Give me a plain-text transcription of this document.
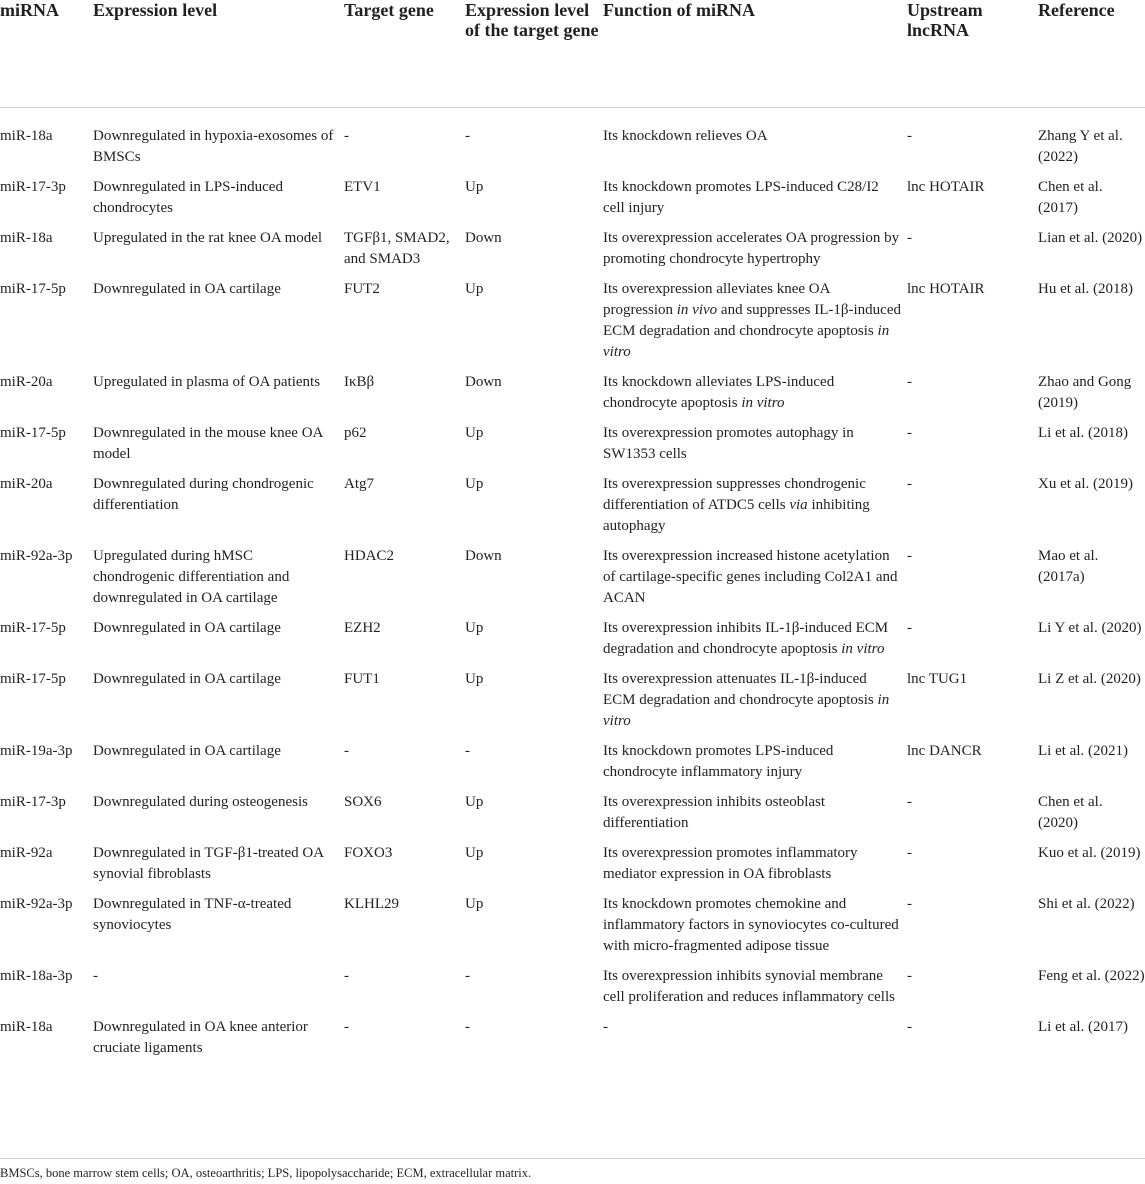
miRNA	Expression level	Target gene	Expression level of the target gene	Function of miRNA	Upstream lncRNA	Reference
miR-18a	Downregulated in hypoxia-exosomes of BMSCs	-	-	Its knockdown relieves OA	-	Zhang Y et al. (2022)
miR-17-3p	Downregulated in LPS-induced chondrocytes	ETV1	Up	Its knockdown promotes LPS-induced C28/I2 cell injury	lnc HOTAIR	Chen et al. (2017)
miR-18a	Upregulated in the rat knee OA model	TGFβ1, SMAD2, and SMAD3	Down	Its overexpression accelerates OA progression by promoting chondrocyte hypertrophy	-	Lian et al. (2020)
miR-17-5p	Downregulated in OA cartilage	FUT2	Up	Its overexpression alleviates knee OA progression in vivo and suppresses IL-1β-induced ECM degradation and chondrocyte apoptosis in vitro	lnc HOTAIR	Hu et al. (2018)
miR-20a	Upregulated in plasma of OA patients	IκBβ	Down	Its knockdown alleviates LPS-induced chondrocyte apoptosis in vitro	-	Zhao and Gong (2019)
miR-17-5p	Downregulated in the mouse knee OA model	p62	Up	Its overexpression promotes autophagy in SW1353 cells	-	Li et al. (2018)
miR-20a	Downregulated during chondrogenic differentiation	Atg7	Up	Its overexpression suppresses chondrogenic differentiation of ATDC5 cells via inhibiting autophagy	-	Xu et al. (2019)
miR-92a-3p	Upregulated during hMSC chondrogenic differentiation and downregulated in OA cartilage	HDAC2	Down	Its overexpression increased histone acetylation of cartilage-specific genes including Col2A1 and ACAN	-	Mao et al. (2017a)
miR-17-5p	Downregulated in OA cartilage	EZH2	Up	Its overexpression inhibits IL-1β-induced ECM degradation and chondrocyte apoptosis in vitro	-	Li Y et al. (2020)
miR-17-5p	Downregulated in OA cartilage	FUT1	Up	Its overexpression attenuates IL-1β-induced ECM degradation and chondrocyte apoptosis in vitro	lnc TUG1	Li Z et al. (2020)
miR-19a-3p	Downregulated in OA cartilage	-	-	Its knockdown promotes LPS-induced chondrocyte inflammatory injury	lnc DANCR	Li et al. (2021)
miR-17-3p	Downregulated during osteogenesis	SOX6	Up	Its overexpression inhibits osteoblast differentiation	-	Chen et al. (2020)
miR-92a	Downregulated in TGF-β1-treated OA synovial fibroblasts	FOXO3	Up	Its overexpression promotes inflammatory mediator expression in OA fibroblasts	-	Kuo et al. (2019)
miR-92a-3p	Downregulated in TNF-α-treated synoviocytes	KLHL29	Up	Its knockdown promotes chemokine and inflammatory factors in synoviocytes co-cultured with micro-fragmented adipose tissue	-	Shi et al. (2022)
miR-18a-3p	-	-	-	Its overexpression inhibits synovial membrane cell proliferation and reduces inflammatory cells	-	Feng et al. (2022)
miR-18a	Downregulated in OA knee anterior cruciate ligaments	-	-	-	-	Li et al. (2017)
BMSCs, bone marrow stem cells; OA, osteoarthritis; LPS, lipopolysaccharide; ECM, extracellular matrix.
